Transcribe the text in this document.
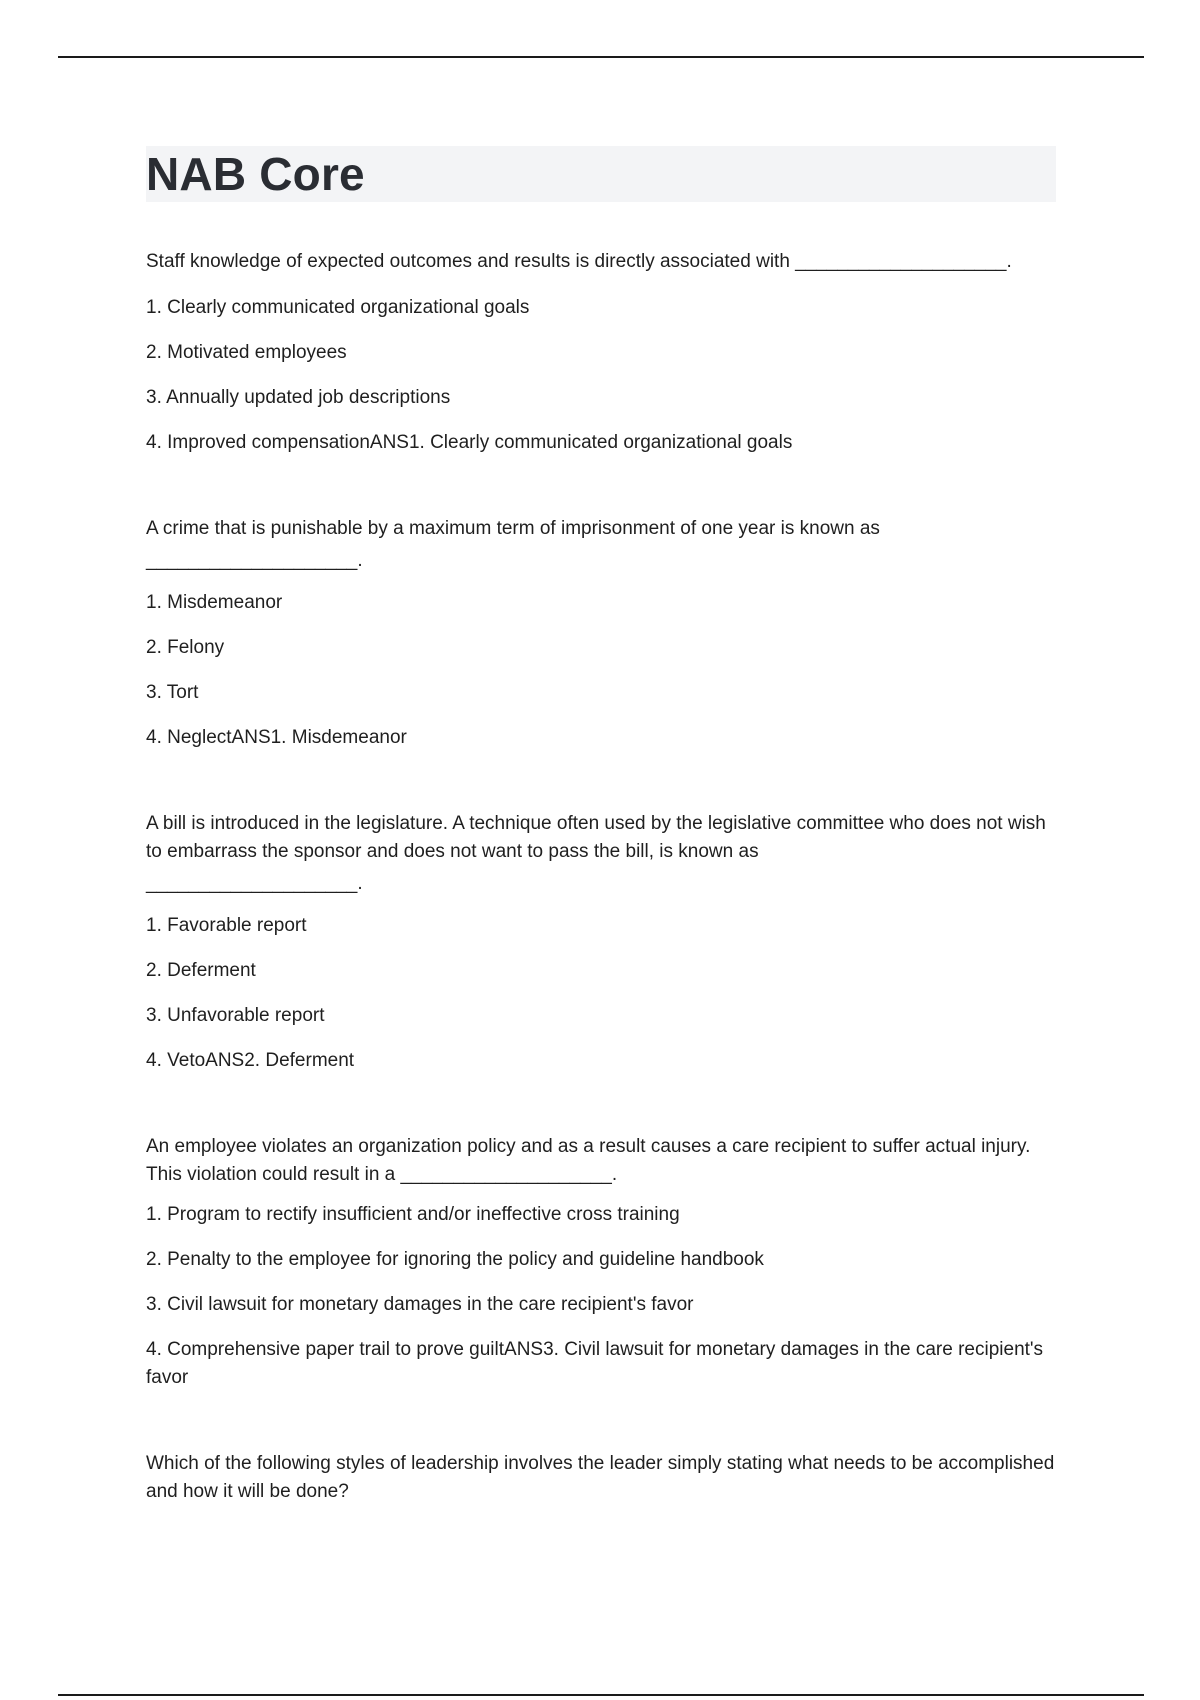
NAB Core

Staff knowledge of expected outcomes and results is directly associated with ____________________.

1. Clearly communicated organizational goals

2. Motivated employees

3. Annually updated job descriptions

4. Improved compensationANS1. Clearly communicated organizational goals

A crime that is punishable by a maximum term of imprisonment of one year is known as

____________________.

1. Misdemeanor

2. Felony

3. Tort

4. NeglectANS1. Misdemeanor

A bill is introduced in the legislature. A technique often used by the legislative committee who does not wish to embarrass the sponsor and does not want to pass the bill, is known as

____________________.

1. Favorable report

2. Deferment

3. Unfavorable report

4. VetoANS2. Deferment

An employee violates an organization policy and as a result causes a care recipient to suffer actual injury. This violation could result in a ____________________.

1. Program to rectify insufficient and/or ineffective cross training

2. Penalty to the employee for ignoring the policy and guideline handbook

3. Civil lawsuit for monetary damages in the care recipient's favor

4. Comprehensive paper trail to prove guiltANS3. Civil lawsuit for monetary damages in the care recipient's favor

Which of the following styles of leadership involves the leader simply stating what needs to be accomplished and how it will be done?
